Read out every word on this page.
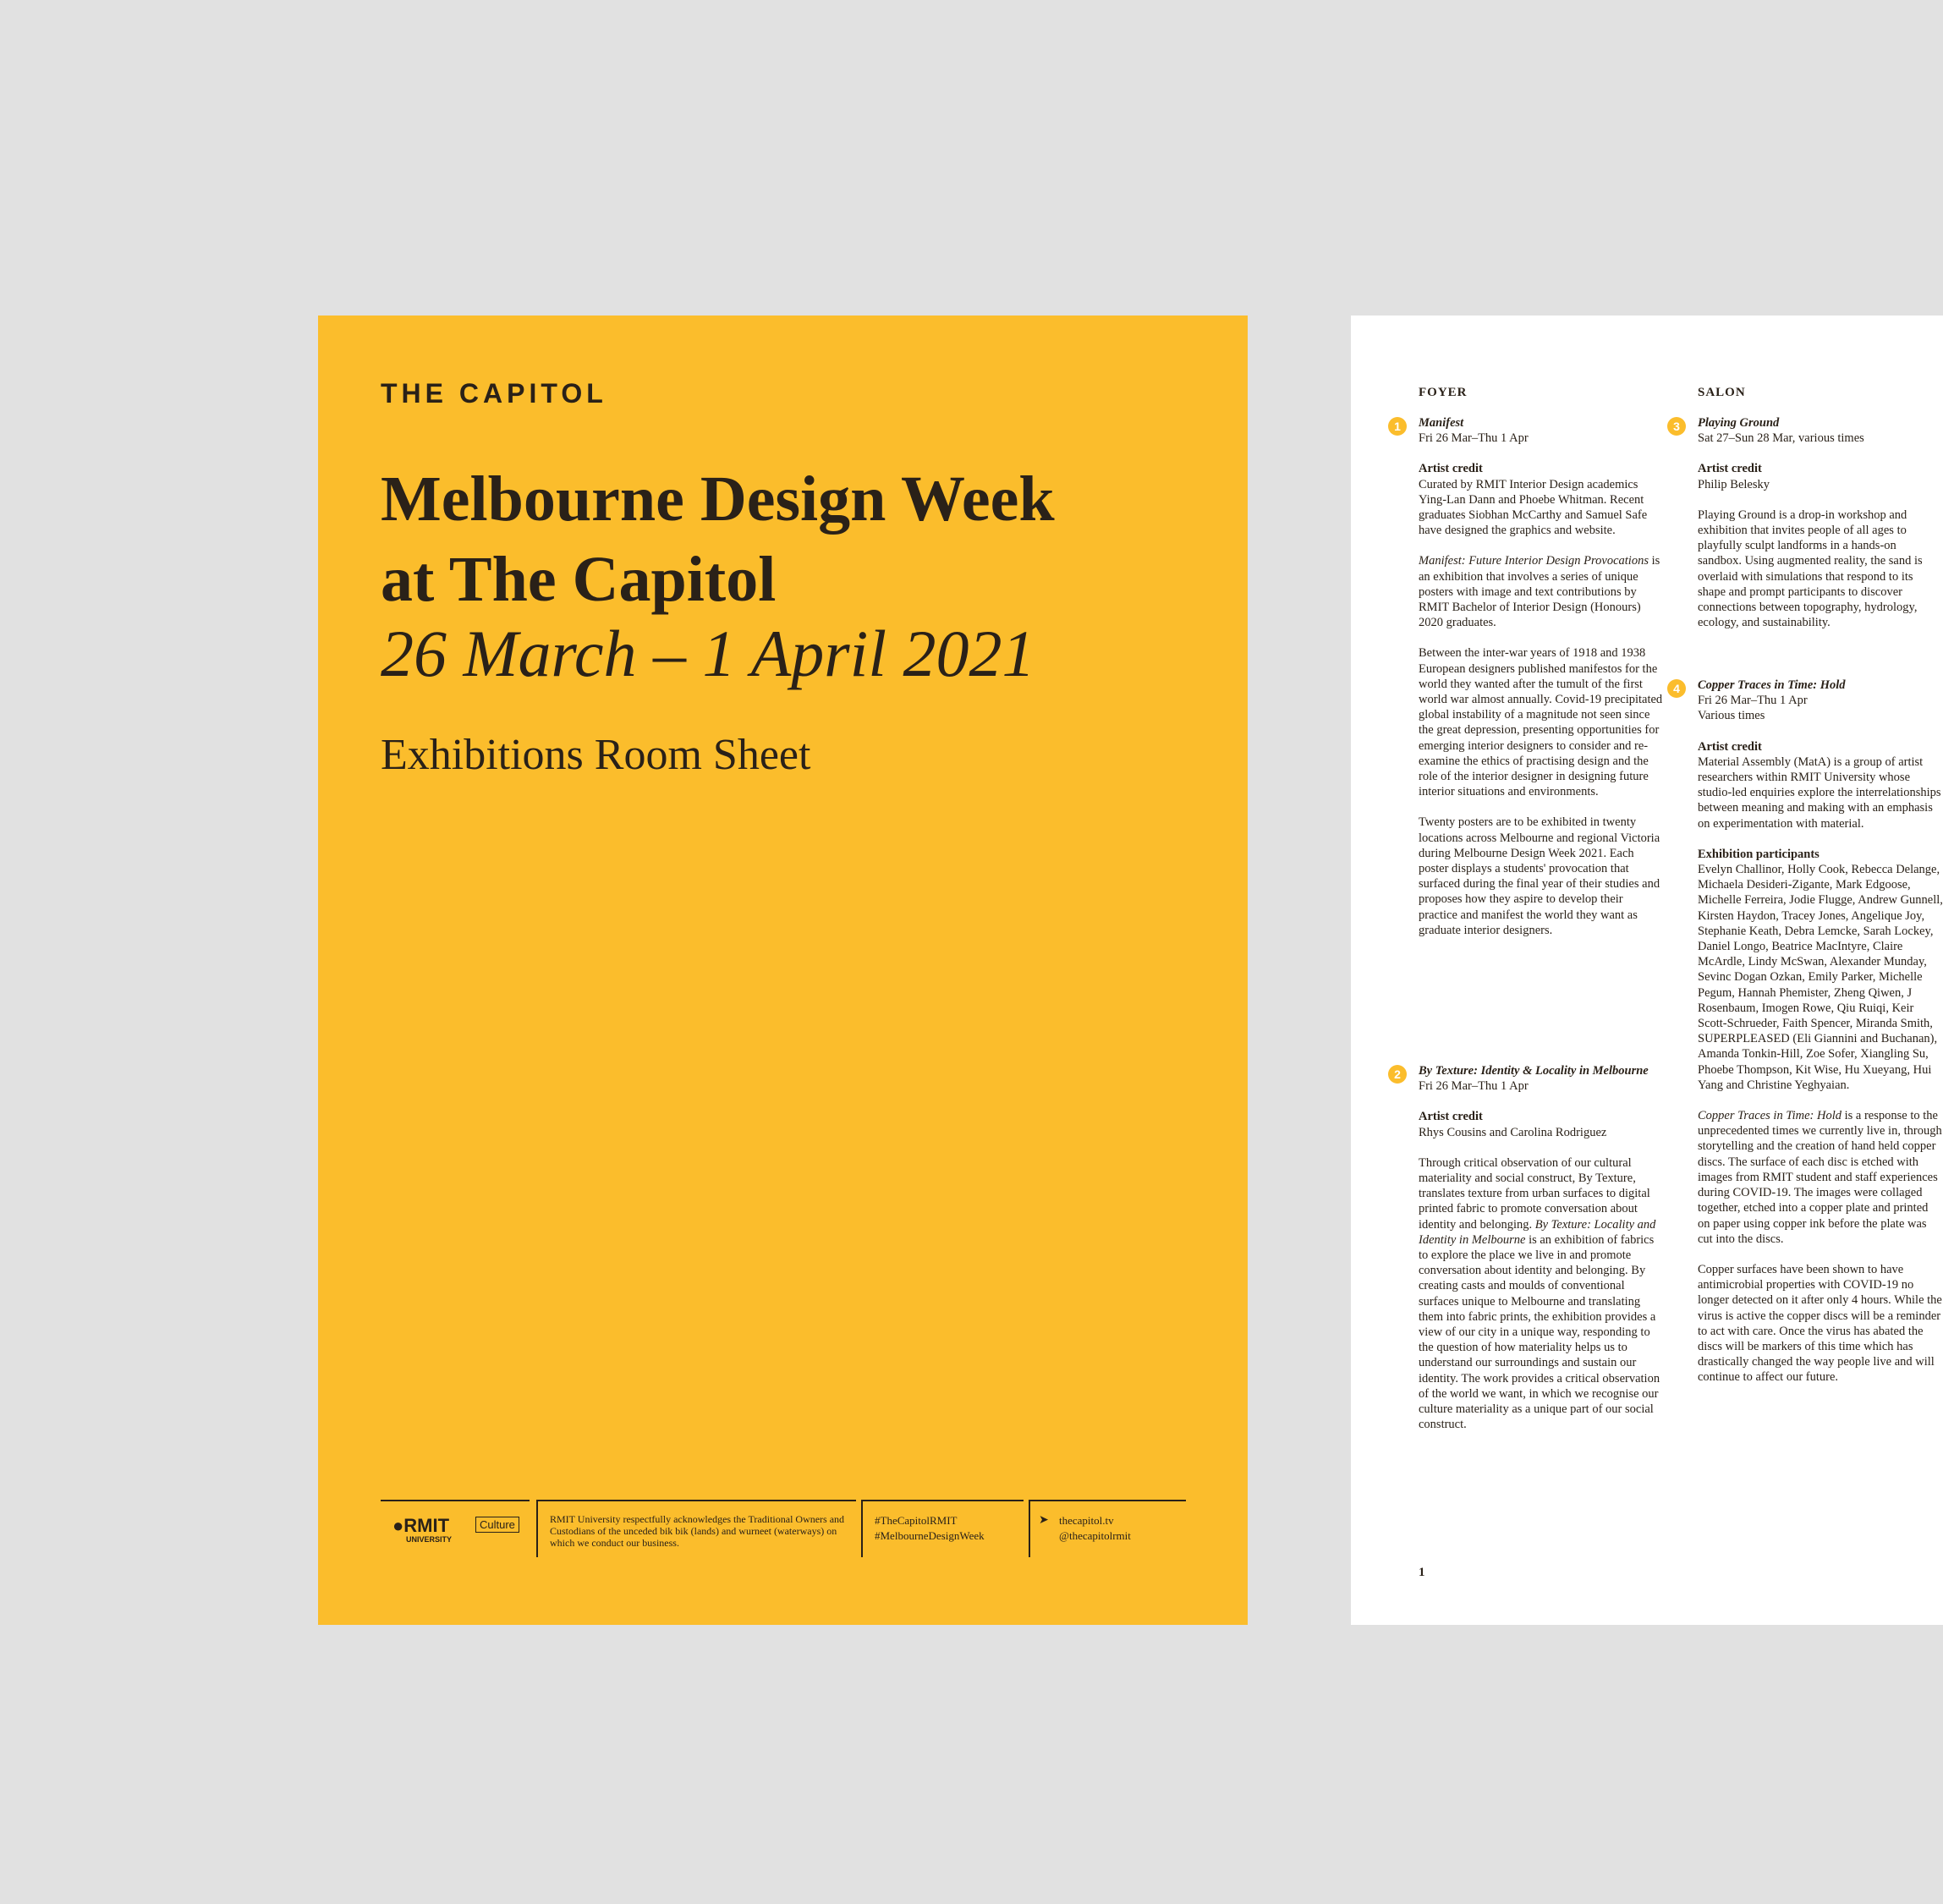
THE CAPITOL
Melbourne Design Week
at The Capitol
26 March – 1 April 2021
Exhibitions Room Sheet
●RMIT
UNIVERSITY
Culture	RMIT University respectfully acknowledges the Traditional Owners and Custodians of the unceded bik bik (lands) and wurneet (waterways) on which we conduct our business.
#TheCapitolRMIT
#MelbourneDesignWeek
➤ thecapitol.tv
@thecapitolrmit
FOYER
1	Manifest
Fri 26 Mar–Thu 1 Apr
Artist credit
Curated by RMIT Interior Design academics Ying-Lan Dann and Phoebe Whitman. Recent graduates Siobhan McCarthy and Samuel Safe have designed the graphics and website.
Manifest: Future Interior Design Provocations is an exhibition that involves a series of unique posters with image and text contributions by RMIT Bachelor of Interior Design (Honours) 2020 graduates.
Between the inter-war years of 1918 and 1938 European designers published manifestos for the world they wanted after the tumult of the first world war almost annually. Covid-19 precipitated global instability of a magnitude not seen since the great depression, presenting opportunities for emerging interior designers to consider and re-examine the ethics of practising design and the role of the interior designer in designing future interior situations and environments.
Twenty posters are to be exhibited in twenty locations across Melbourne and regional Victoria during Melbourne Design Week 2021. Each poster displays a students' provocation that surfaced during the final year of their studies and proposes how they aspire to develop their practice and manifest the world they want as graduate interior designers.
2	By Texture: Identity & Locality in Melbourne
Fri 26 Mar–Thu 1 Apr
Artist credit
Rhys Cousins and Carolina Rodriguez
Through critical observation of our cultural materiality and social construct, By Texture, translates texture from urban surfaces to digital printed fabric to promote conversation about identity and belonging. By Texture: Locality and Identity in Melbourne is an exhibition of fabrics to explore the place we live in and promote conversation about identity and belonging. By creating casts and moulds of conventional surfaces unique to Melbourne and translating them into fabric prints, the exhibition provides a view of our city in a unique way, responding to the question of how materiality helps us to understand our surroundings and sustain our identity. The work provides a critical observation of the world we want, in which we recognise our culture materiality as a unique part of our social construct.
SALON
3	Playing Ground
Sat 27–Sun 28 Mar, various times
Artist credit
Philip Belesky
Playing Ground is a drop-in workshop and exhibition that invites people of all ages to playfully sculpt landforms in a hands-on sandbox. Using augmented reality, the sand is overlaid with simulations that respond to its shape and prompt participants to discover connections between topography, hydrology, ecology, and sustainability.
4	Copper Traces in Time: Hold
Fri 26 Mar–Thu 1 Apr
Various times
Artist credit
Material Assembly (MatA) is a group of artist researchers within RMIT University whose studio-led enquiries explore the interrelationships between meaning and making with an emphasis on experimentation with material.
Exhibition participants
Evelyn Challinor, Holly Cook, Rebecca Delange, Michaela Desideri-Zigante, Mark Edgoose, Michelle Ferreira, Jodie Flugge, Andrew Gunnell, Kirsten Haydon, Tracey Jones, Angelique Joy, Stephanie Keath, Debra Lemcke, Sarah Lockey, Daniel Longo, Beatrice MacIntyre, Claire McArdle, Lindy McSwan, Alexander Munday, Sevinc Dogan Ozkan, Emily Parker, Michelle Pegum, Hannah Phemister, Zheng Qiwen, J Rosenbaum, Imogen Rowe, Qiu Ruiqi, Keir Scott-Schrueder, Faith Spencer, Miranda Smith, SUPERPLEASED (Eli Giannini and Buchanan), Amanda Tonkin-Hill, Zoe Sofer, Xiangling Su, Phoebe Thompson, Kit Wise, Hu Xueyang, Hui Yang and Christine Yeghyaian.
Copper Traces in Time: Hold is a response to the unprecedented times we currently live in, through storytelling and the creation of hand held copper discs. The surface of each disc is etched with images from RMIT student and staff experiences during COVID-19. The images were collaged together, etched into a copper plate and printed on paper using copper ink before the plate was cut into the discs.
Copper surfaces have been shown to have antimicrobial properties with COVID-19 no longer detected on it after only 4 hours. While the virus is active the copper discs will be a reminder to act with care. Once the virus has abated the discs will be markers of this time which has drastically changed the way people live and will continue to affect our future.
1
